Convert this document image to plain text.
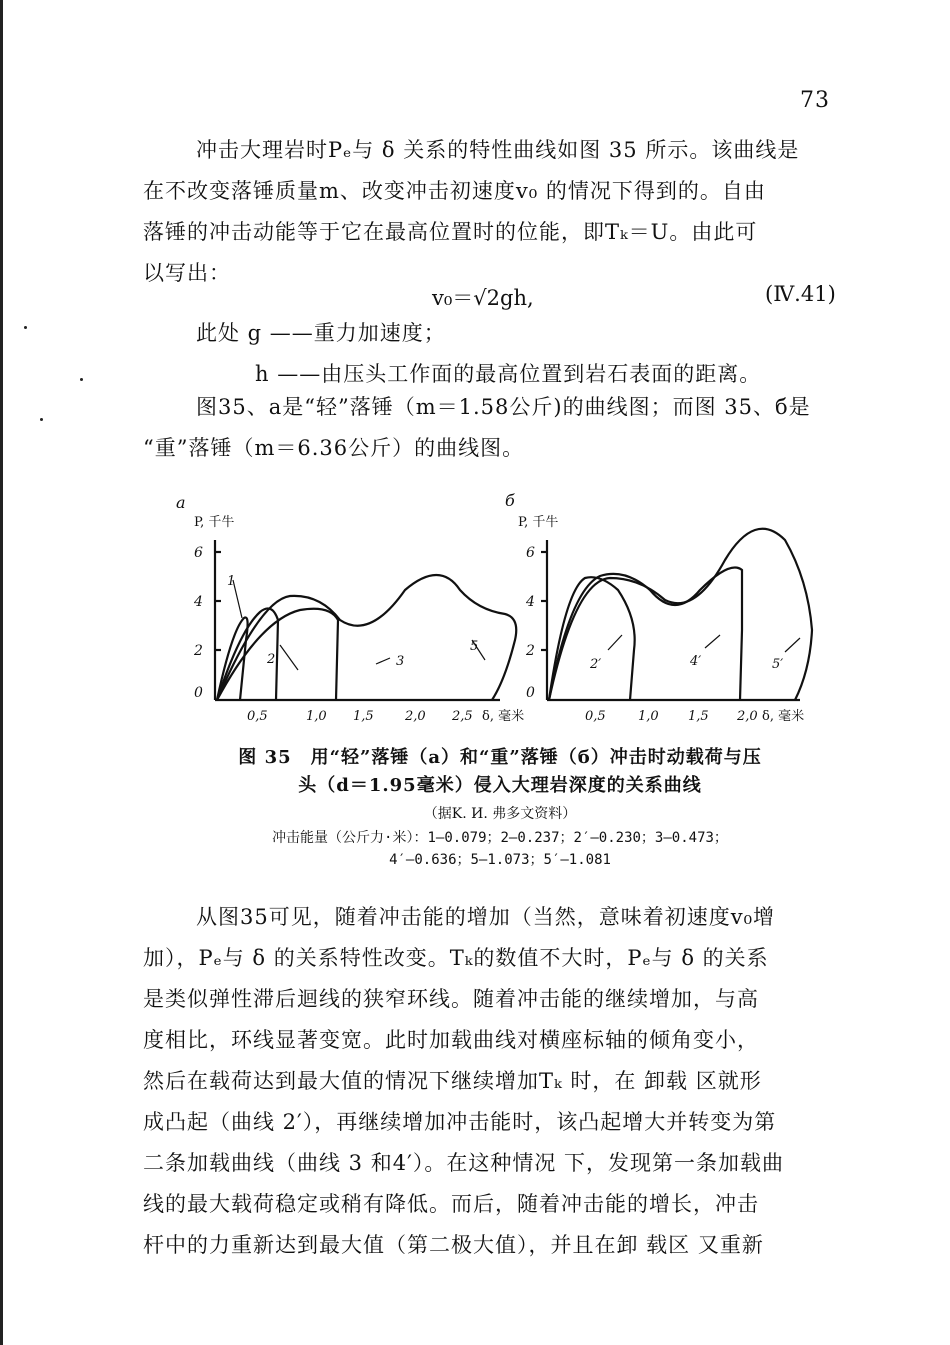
73
冲击大理岩时Pₑ与 δ 关系的特性曲线如图 35 所示。该曲线是
在不改变落锤质量m、改变冲击初速度v₀ 的情况下得到的。自由
落锤的冲击动能等于它在最高位置时的位能，即Tₖ＝U。由此可
以写出：
v₀＝√2gh,	(Ⅳ.41)
此处 g ——重力加速度；
h ——由压头工作面的最高位置到岩石表面的距离。
图35、a是“轻”落锤（m＝1.58公斤)的曲线图；而图 35、б是
“重”落锤（m＝6.36公斤）的曲线图。
a
P, 千牛
6
4
2
0
0,5	1,0 1,5 2,0 2,5 δ, 毫米
1
2	3
5
б
P, 千牛
6
4
2
0
0,5 1,0 1,5 2,0 δ, 毫米
2′	4′	5′
图 35　用“轻”落锤（a）和“重”落锤（б）冲击时动载荷与压
头（d＝1.95毫米）侵入大理岩深度的关系曲线
（据K. И. 弗多文资料）
冲击能量（公斤力·米）：1—0.079；2—0.237；2′—0.230；3—0.473；
4′—0.636；5—1.073；5′—1.081
从图35可见，随着冲击能的增加（当然，意味着初速度v₀增
加），Pₑ与 δ 的关系特性改变。Tₖ的数值不大时，Pₑ与 δ 的关系
是类似弹性滞后迴线的狭窄环线。随着冲击能的继续增加，与高
度相比，环线显著变宽。此时加载曲线对横座标轴的倾角变小，
然后在载荷达到最大值的情况下继续增加Tₖ 时，在 卸载 区就形
成凸起（曲线 2′），再继续增加冲击能时，该凸起增大并转变为第
二条加载曲线（曲线 3 和4′）。在这种情况 下，发现第一条加载曲
线的最大载荷稳定或稍有降低。而后，随着冲击能的增长，冲击
杆中的力重新达到最大值（第二极大值），并且在卸 载区 又重新
